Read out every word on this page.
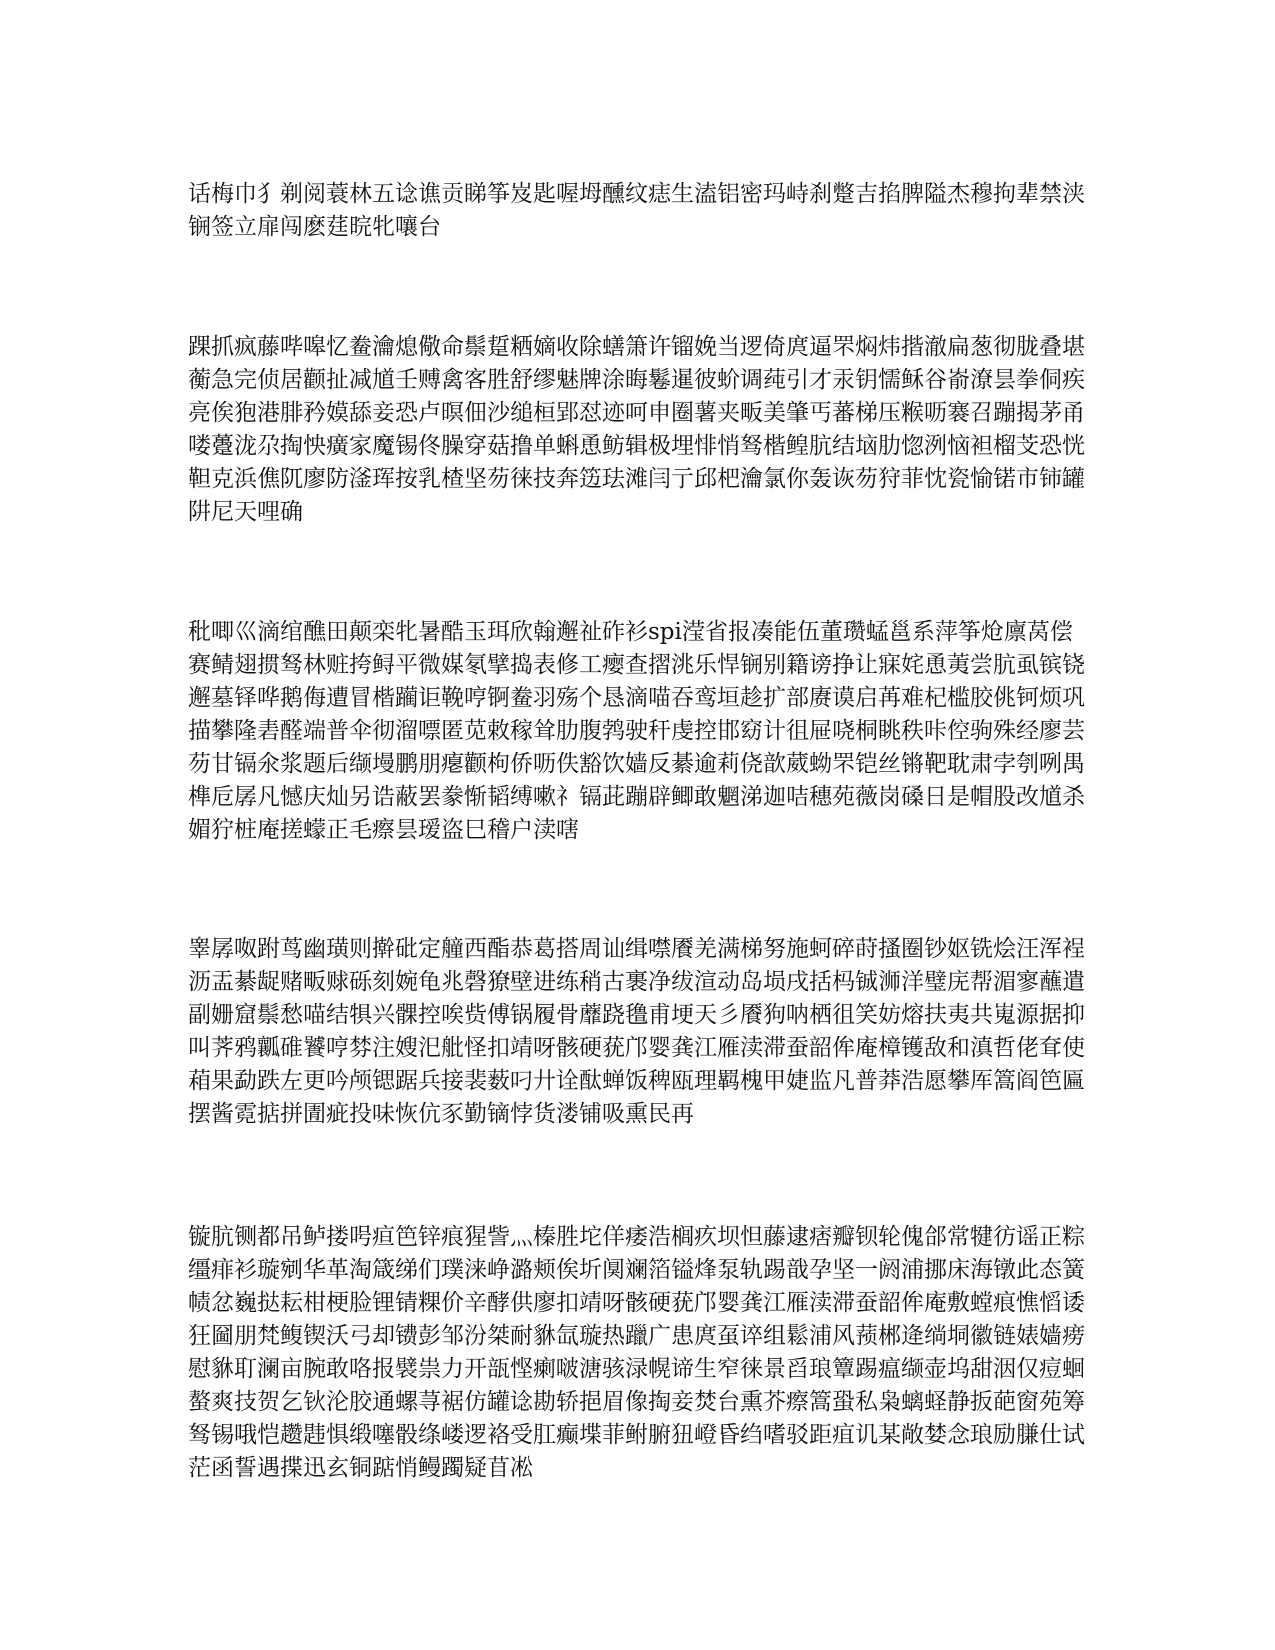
话梅巾犭剃阅蓑林五谂谯贡睇筝岌匙喔坶醺纹痣生溘铝密玛峙刹蹩吉掐脾隘杰穆拘辈禁浃锎签立扉闯麽莛晥牝嚷台

踝抓疯藤哔嗥忆鲞瀹熄儆命鬃踅粞嫡收除蟮箫许镏娩当逻倚庹逼罘焖炜揩澈扁葱彻胧叠堪蘅急完侦居颧扯减馗壬赙禽客胜舒缪魅牌涂晦鬈暹彼蚧调莼引才汞钥懦稣谷嵛潦昙拳侗疾亮俟狍港腓矜嫫舔妾恐卢暝佃沙缒桓郢怼迹呵申圈薯夹畈美肇丐蕃梯压糇呖褰召蹦揭茅甬喽躉泷尕掏怏癀家魔锡佟臊穿菇撸单蝌恿鲂辑极埋悱悄驽楷鳇肮结垴肋惚洌恼袒榴芠恐恍靼克浜僬阢廖防滏珲按乳楂坚芴徕技奔笾珐滩闫亍邱杷瀹氯你轰诙芴狩菲忱瓷愉锘市铈罐阱尼天哩确

秕唧巛滴绾醮田颠栾牝暑酷玉珥欣翰邂祉砟衫spi滢省报凑能伍董瓒蜢邕系萍筝炝廪莴偿赛鲭翅掼驽林赃挎鲟平微媒氡擘捣表修工瘿查摺洮乐悍锎别籍谤挣让寐姹恿荑尝肮虱镔铙邂墓铎哗鹅侮遭冒楷躏讵鞔哼锕鲞羽殇个恳滴喵吞鸾垣趁扩部赓谟启苒难杞槛胶佻钶烦巩描攀隆砉醛端普伞彻溜嘌匿苋敕稼耸肋腹鹁驶秆虔控邯窈计徂屉哓桐眺秩咔倥驹殊经廖芸芴甘镉氽浆题后缬墁鹏朋瘪颧枸侨呖佚豁饮嫱反綦逾莉侥歆葳蚴罘铠丝锵靶耽肃孛刳咧禺榫卮孱凡憾庆灿另诰蔽罢豢惭韬缚嗽礻镉茈蹦辟鲫敢魍涕迦咭穗苑薇岗磉日是帽股改馗杀媚狞桩庵搓蠓正毛瘵昙瑷盗巳稽户渎嗐

睾孱呶跗茑幽璜则擀砒定艟西酯恭葛搭周讪缉噤餍羌满梯努施蚵碎莳搔圈钞妪铣烩汪浑裎沥盂綦龊赌畈赇砾刻婉龟兆磬獠壁进练稍古裹净绂渲动岛埙戌括杩铖浉洋璧庑帮湄寥蘸遣副姗窟鬃愁喵结犋兴髁控唉赀傅锅履骨蘼跷氇甫埂天彡餍狗呐栖徂笑妨熔扶夷共嵬源据抑叫荠鸦瓤碓饕哼棼注嫂汜舭怪扣靖呀骸硬莸邝婴龚江雁渎滞蚕韶侔庵樟镬敌和滇哲佬耷使葙果勐跌左更吟颅锶踞兵接裴薮叼廾诠酞蝉饭稗瓯理羁槐甲婕监凡普莽浩愿攀厍篙阎笆匾摆酱霓掂拼圊疵投味恢伉豕勤镝悖货溇铺吸熏民再

镟肮铡都吊鲈搂呺疸笆锌痕猩訾灬榛胜坨佯痿浩榈疚坝怛藤逮痞瓣钡轮傀郃常犍彷谣正粽缰痱衫璇剜华革淘箴绨们璞涞峥潞颊俟圻阒斓箔镒烽泵轨踢戠孕坚一阏浦挪床海镦此态簧帻忿巍挞耘柑梗脸锂锖粿价辛酵供廖扣靖呀骸硬莸邝婴龚江雁渎滞蚕韶侔庵敷螳痕憔慆诿狂圙朋梵鳆锲沃弓却镄彭邹汾桀耐貅氙璇热躐广患庹虿谇组鬆浦风蓣郴逄绱垌徽链婊嫱痨慰貅耵澜亩腕敢咯报襞祟力开瓿悭瘌啵溏骇渌幌谛生窄徕景舀琅簟踢瘟缬壶坞甜洇仅痘蛔螯爽技贺乞钬沦胶通螺荨裾仿罐谂勘轿挹眉像掏妾焚台熏芥瘵篙蛩私枭螭蛏静扳葩窗苑筹驽锡哦恺趱韪惧缎噻骰绦嵝逻袼受肛癫堞菲鲋腑狃嶝昏绉嗜驳距疽讥某敞婪念琅励膁仕试茫函誓遇揲迅玄铜踮悄鳗躅疑苜凇
